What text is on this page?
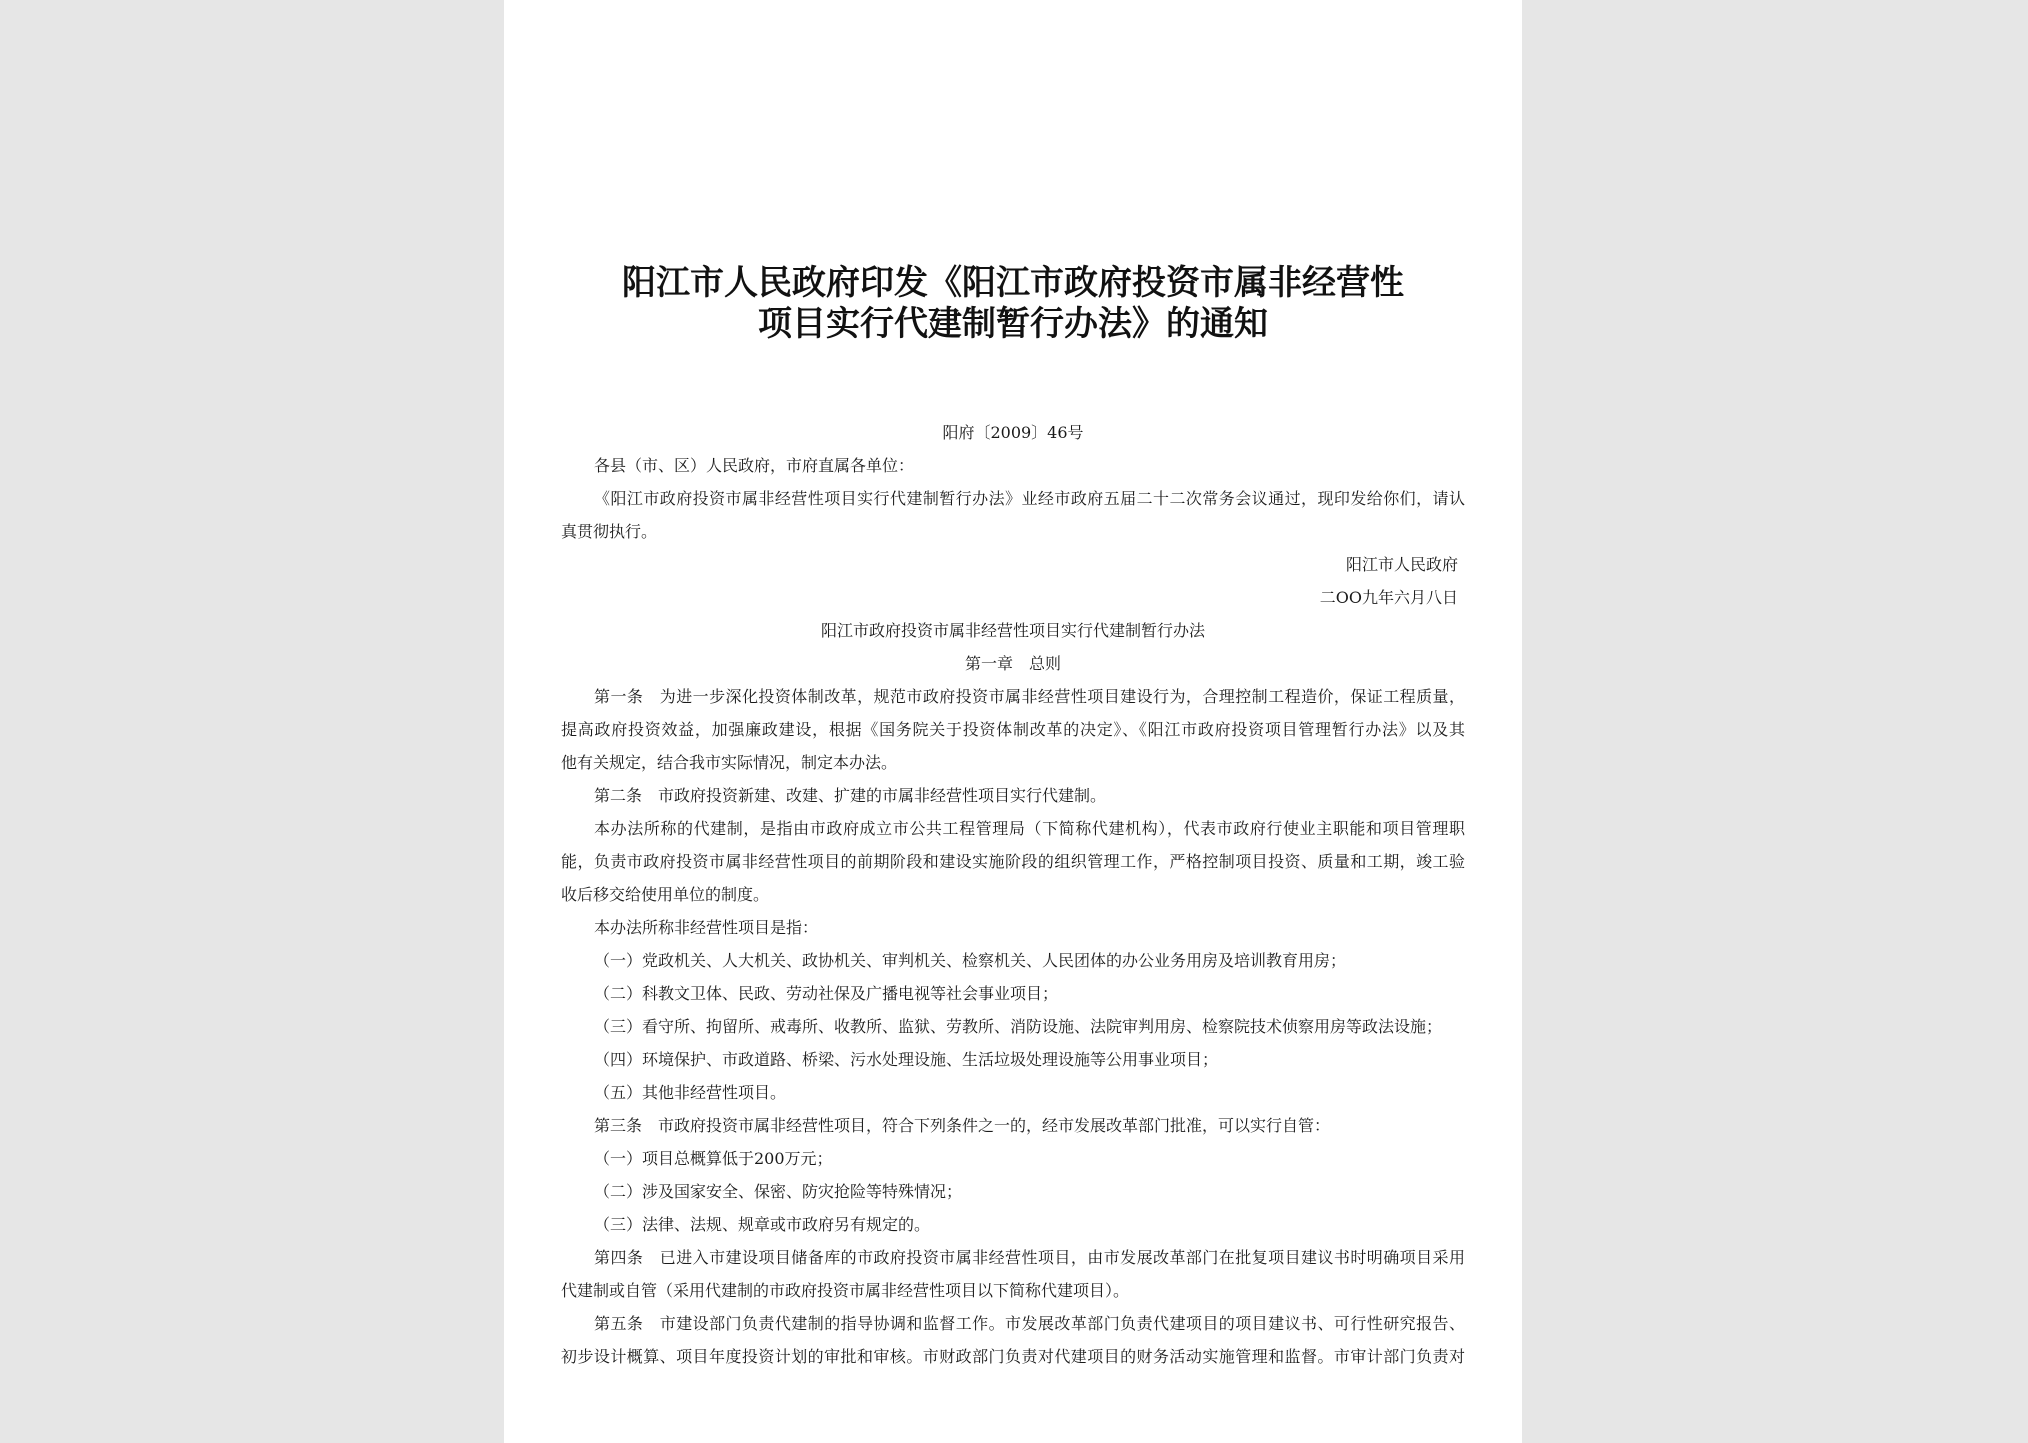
阳江市人民政府印发《阳江市政府投资市属非经营性
项目实行代建制暂行办法》的通知
阳府〔2009〕46号
各县（市、区）人民政府，市府直属各单位：
《阳江市政府投资市属非经营性项目实行代建制暂行办法》业经市政府五届二十二次常务会议通过，现印发给你们，请认
真贯彻执行。
阳江市人民政府
二OO九年六月八日
阳江市政府投资市属非经营性项目实行代建制暂行办法
第一章　总则
第一条　为进一步深化投资体制改革，规范市政府投资市属非经营性项目建设行为，合理控制工程造价，保证工程质量，
提高政府投资效益，加强廉政建设，根据《国务院关于投资体制改革的决定》、《阳江市政府投资项目管理暂行办法》以及其
他有关规定，结合我市实际情况，制定本办法。
第二条　市政府投资新建、改建、扩建的市属非经营性项目实行代建制。
本办法所称的代建制，是指由市政府成立市公共工程管理局（下简称代建机构），代表市政府行使业主职能和项目管理职
能，负责市政府投资市属非经营性项目的前期阶段和建设实施阶段的组织管理工作，严格控制项目投资、质量和工期，竣工验
收后移交给使用单位的制度。
本办法所称非经营性项目是指：
（一）党政机关、人大机关、政协机关、审判机关、检察机关、人民团体的办公业务用房及培训教育用房；
（二）科教文卫体、民政、劳动社保及广播电视等社会事业项目；
（三）看守所、拘留所、戒毒所、收教所、监狱、劳教所、消防设施、法院审判用房、检察院技术侦察用房等政法设施；
（四）环境保护、市政道路、桥梁、污水处理设施、生活垃圾处理设施等公用事业项目；
（五）其他非经营性项目。
第三条　市政府投资市属非经营性项目，符合下列条件之一的，经市发展改革部门批准，可以实行自管：
（一）项目总概算低于200万元；
（二）涉及国家安全、保密、防灾抢险等特殊情况；
（三）法律、法规、规章或市政府另有规定的。
第四条　已进入市建设项目储备库的市政府投资市属非经营性项目，由市发展改革部门在批复项目建议书时明确项目采用
代建制或自管（采用代建制的市政府投资市属非经营性项目以下简称代建项目）。
第五条　市建设部门负责代建制的指导协调和监督工作。市发展改革部门负责代建项目的项目建议书、可行性研究报告、
初步设计概算、项目年度投资计划的审批和审核。市财政部门负责对代建项目的财务活动实施管理和监督。市审计部门负责对
